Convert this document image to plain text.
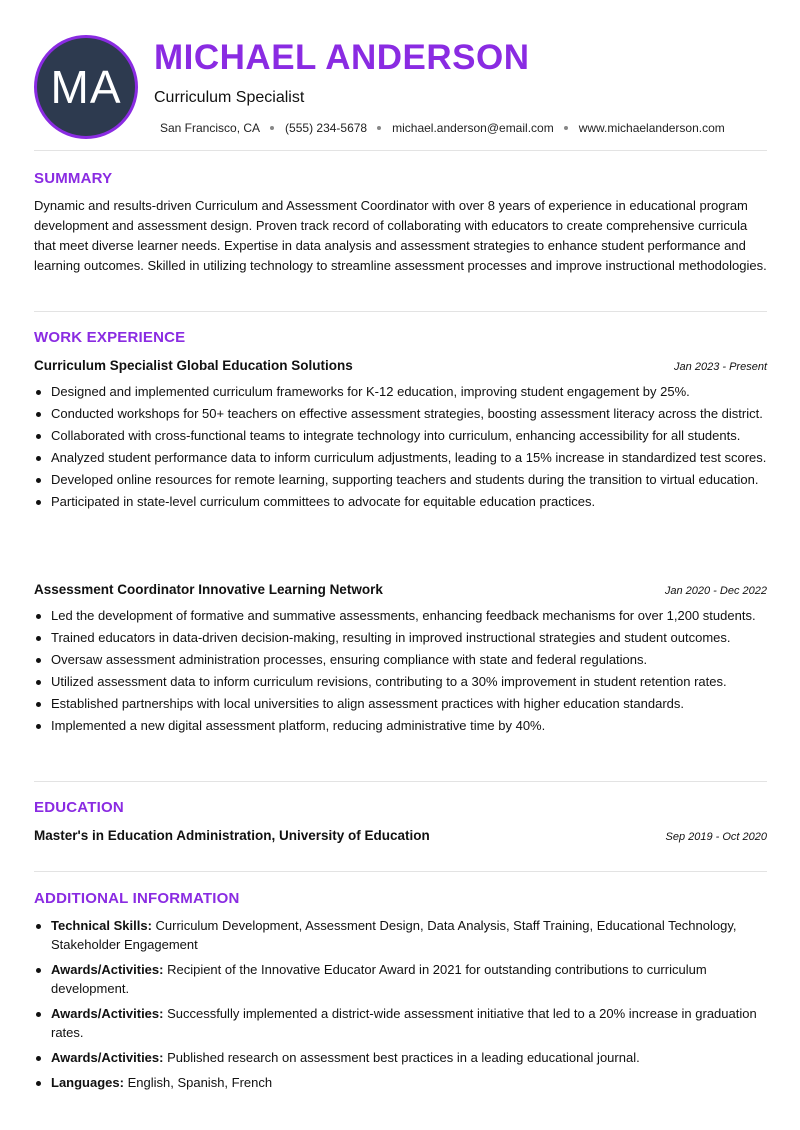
MA
MICHAEL ANDERSON
Curriculum Specialist
San Francisco, CA (555) 234-5678 michael.anderson@email.com www.michaelanderson.com
SUMMARY
Dynamic and results-driven Curriculum and Assessment Coordinator with over 8 years of experience in educational program development and assessment design. Proven track record of collaborating with educators to create comprehensive curricula that meet diverse learner needs. Expertise in data analysis and assessment strategies to enhance student performance and learning outcomes. Skilled in utilizing technology to streamline assessment processes and improve instructional methodologies.
WORK EXPERIENCE
Curriculum Specialist Global Education Solutions	Jan 2023 - Present
Designed and implemented curriculum frameworks for K-12 education, improving student engagement by 25%.
Conducted workshops for 50+ teachers on effective assessment strategies, boosting assessment literacy across the district.
Collaborated with cross-functional teams to integrate technology into curriculum, enhancing accessibility for all students.
Analyzed student performance data to inform curriculum adjustments, leading to a 15% increase in standardized test scores.
Developed online resources for remote learning, supporting teachers and students during the transition to virtual education.
Participated in state-level curriculum committees to advocate for equitable education practices.
Assessment Coordinator Innovative Learning Network	Jan 2020 - Dec 2022
Led the development of formative and summative assessments, enhancing feedback mechanisms for over 1,200 students.
Trained educators in data-driven decision-making, resulting in improved instructional strategies and student outcomes.
Oversaw assessment administration processes, ensuring compliance with state and federal regulations.
Utilized assessment data to inform curriculum revisions, contributing to a 30% improvement in student retention rates.
Established partnerships with local universities to align assessment practices with higher education standards.
Implemented a new digital assessment platform, reducing administrative time by 40%.
EDUCATION
Master's in Education Administration, University of Education	Sep 2019 - Oct 2020
ADDITIONAL INFORMATION
Technical Skills: Curriculum Development, Assessment Design, Data Analysis, Staff Training, Educational Technology, Stakeholder Engagement
Awards/Activities: Recipient of the Innovative Educator Award in 2021 for outstanding contributions to curriculum development.
Awards/Activities: Successfully implemented a district-wide assessment initiative that led to a 20% increase in graduation rates.
Awards/Activities: Published research on assessment best practices in a leading educational journal.
Languages: English, Spanish, French
